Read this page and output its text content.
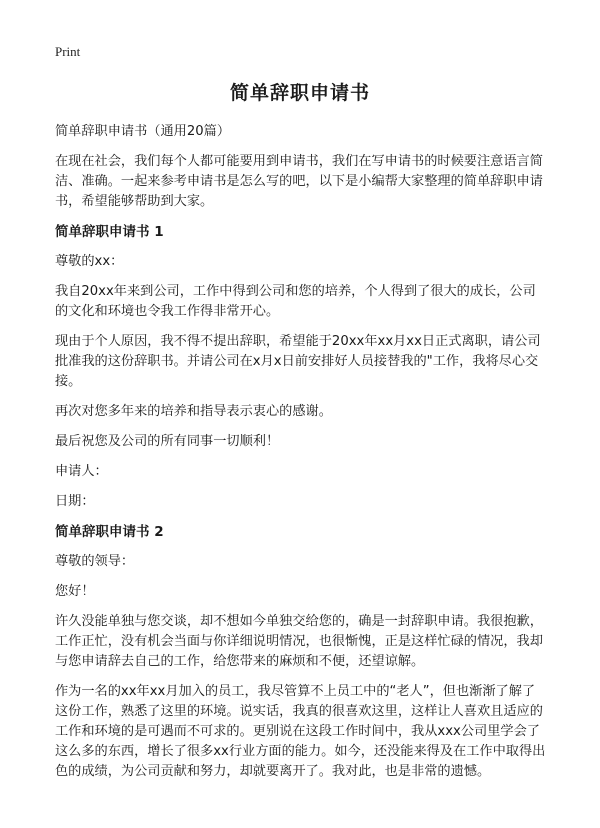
Print
简单辞职申请书

简单辞职申请书（通用20篇）

在现在社会，我们每个人都可能要用到申请书，我们在写申请书的时候要注意语言简洁、准确。一起来参考申请书是怎么写的吧，以下是小编帮大家整理的简单辞职申请书，希望能够帮助到大家。

简单辞职申请书 1

尊敬的xx：

我自20xx年来到公司，工作中得到公司和您的培养，个人得到了很大的成长，公司的文化和环境也令我工作得非常开心。

现由于个人原因，我不得不提出辞职，希望能于20xx年xx月xx日正式离职，请公司批准我的这份辞职书。并请公司在x月x日前安排好人员接替我的"工作，我将尽心交接。

再次对您多年来的培养和指导表示衷心的感谢。

最后祝您及公司的所有同事一切顺利！

申请人：

日期：

简单辞职申请书 2

尊敬的领导：

您好！

许久没能单独与您交谈，却不想如今单独交给您的，确是一封辞职申请。我很抱歉，工作正忙，没有机会当面与你详细说明情况，也很惭愧，正是这样忙碌的情况，我却与您申请辞去自己的工作，给您带来的麻烦和不便，还望谅解。

作为一名的xx年xx月加入的员工，我尽管算不上员工中的“老人”，但也渐渐了解了这份工作，熟悉了这里的环境。说实话，我真的很喜欢这里，这样让人喜欢且适应的工作和环境的是可遇而不可求的。更别说在这段工作时间中，我从xxx公司里学会了这么多的东西，增长了很多xx行业方面的能力。如今，还没能来得及在工作中取得出色的成绩，为公司贡献和努力，却就要离开了。我对此，也是非常的遗憾。
